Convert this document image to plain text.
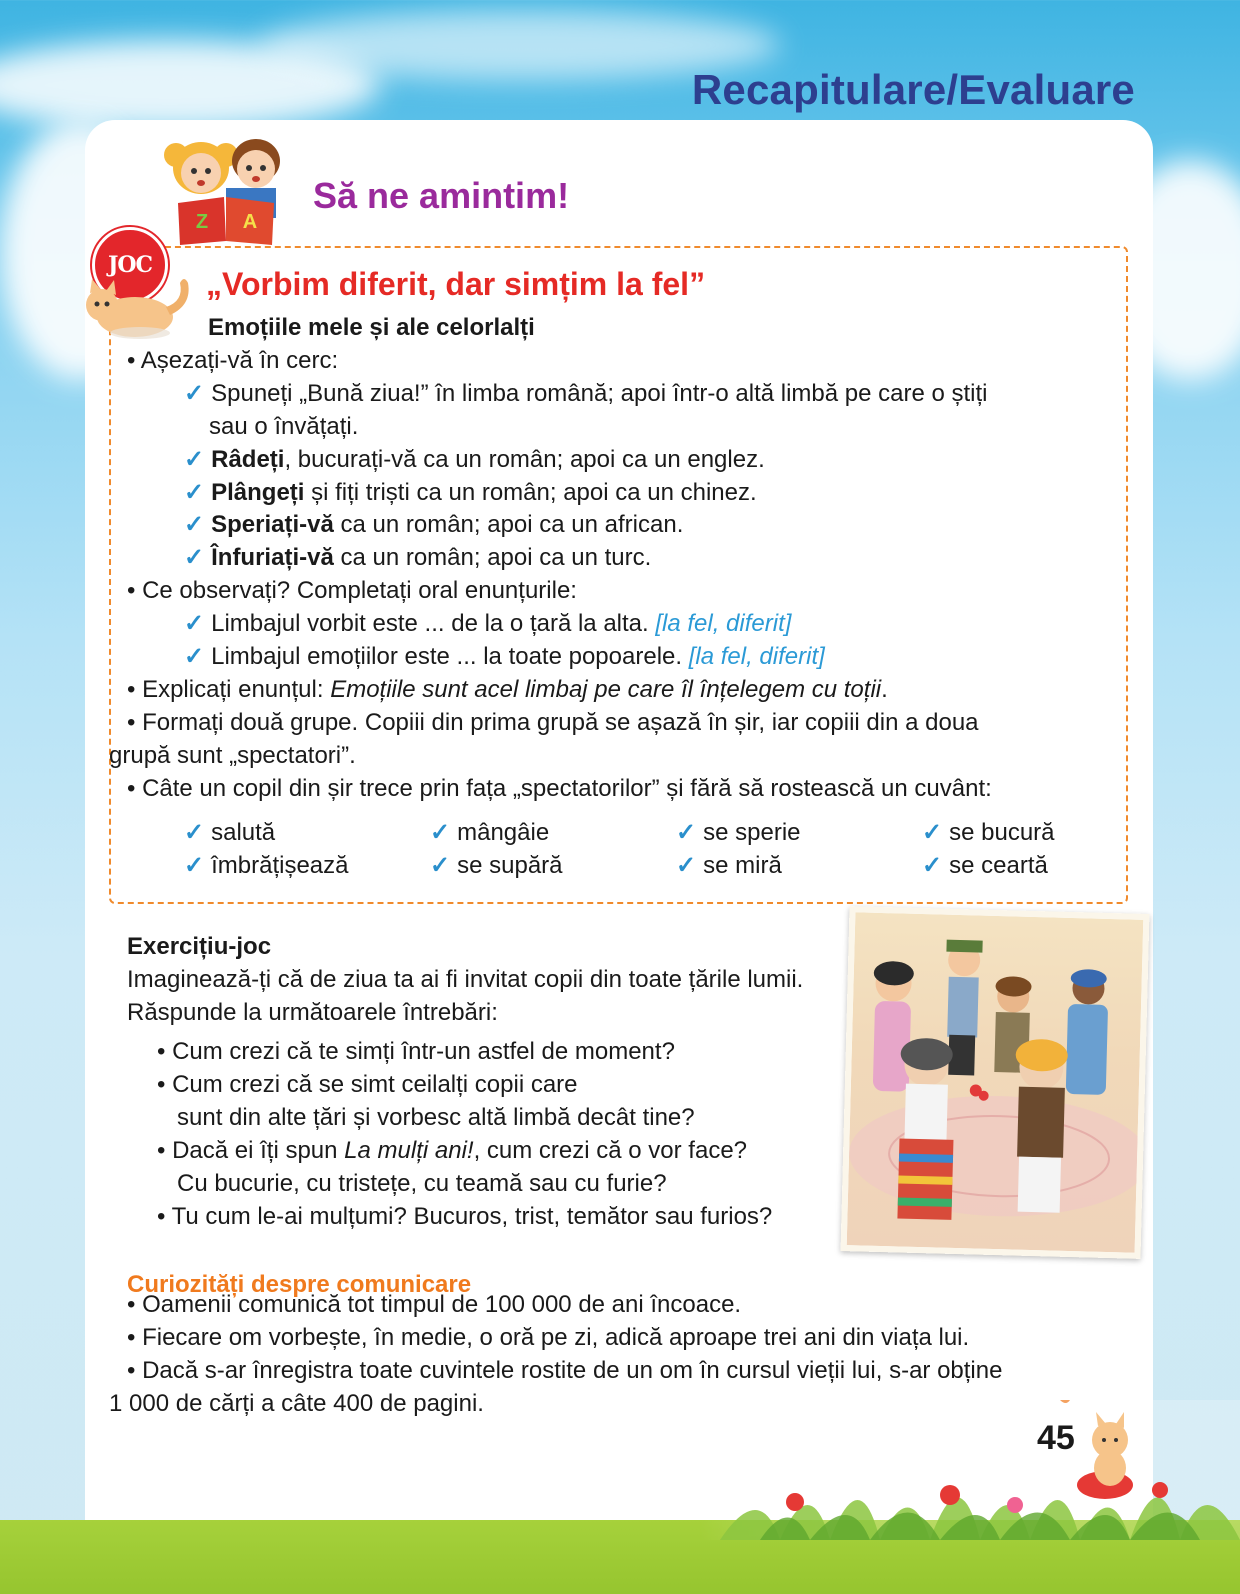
Recapitulare/Evaluare
Z A
Să ne amintim!
JOC
„Vorbim diferit, dar simțim la fel”
Emoțiile mele și ale celorlalți
• Așezați-vă în cerc:
✓ Spuneți „Bună ziua!” în limba română; apoi într-o altă limbă pe care o știți
sau o învățați.
✓ Râdeți, bucurați-vă ca un român; apoi ca un englez.
✓ Plângeți și fiți triști ca un român; apoi ca un chinez.
✓ Speriați-vă ca un român; apoi ca un african.
✓ Înfuriați-vă ca un român; apoi ca un turc.
• Ce observați? Completați oral enunțurile:
✓ Limbajul vorbit este ... de la o țară la alta. [la fel, diferit]
✓ Limbajul emoțiilor este ... la toate popoarele. [la fel, diferit]
• Explicați enunțul: Emoțiile sunt acel limbaj pe care îl înțelegem cu toții.
• Formați două grupe. Copiii din prima grupă se așază în șir, iar copiii din a doua
grupă sunt „spectatori”.
• Câte un copil din șir trece prin fața „spectatorilor” și fără să rostească un cuvânt:
✓ salută	✓ mângâie	✓ se sperie	✓ se bucură
✓ îmbrățișează	✓ se supără	✓ se miră	✓ se ceartă
Exercițiu-joc
Imaginează-ți că de ziua ta ai fi invitat copii din toate țările lumii.
Răspunde la următoarele întrebări:
• Cum crezi că te simți într-un astfel de moment?
• Cum crezi că se simt ceilalți copii care
sunt din alte țări și vorbesc altă limbă decât tine?
• Dacă ei îți spun La mulți ani!, cum crezi că o vor face?
Cu bucurie, cu tristețe, cu teamă sau cu furie?
• Tu cum le-ai mulțumi? Bucuros, trist, temător sau furios?
Curiozități despre comunicare
• Oamenii comunică tot timpul de 100 000 de ani încoace.
• Fiecare om vorbește, în medie, o oră pe zi, adică aproape trei ani din viața lui.
• Dacă s-ar înregistra toate cuvintele rostite de un om în cursul vieții lui, s-ar obține
1 000 de cărți a câte 400 de pagini.
45
